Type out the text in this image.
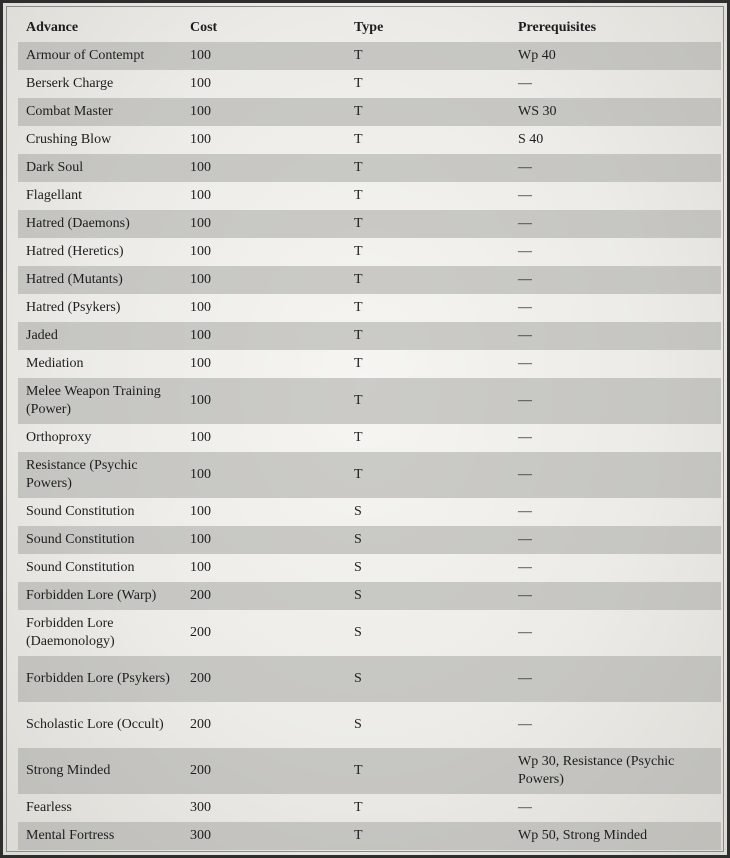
Advance	Cost	Type	Prerequisites
Armour of Contempt	100	T	Wp 40
Berserk Charge	100	T	—
Combat Master	100	T	WS 30
Crushing Blow	100	T	S 40
Dark Soul	100	T	—
Flagellant	100	T	—
Hatred (Daemons)	100	T	—
Hatred (Heretics)	100	T	—
Hatred (Mutants)	100	T	—
Hatred (Psykers)	100	T	—
Jaded	100	T	—
Mediation	100	T	—
Melee Weapon Training (Power)	100	T	—
Orthoproxy	100	T	—
Resistance (Psychic Powers)	100	T	—
Sound Constitution	100	S	—
Sound Constitution	100	S	—
Sound Constitution	100	S	—
Forbidden Lore (Warp)	200	S	—
Forbidden Lore (Daemonology)	200	S	—
Forbidden Lore (Psykers)	200	S	—
Scholastic Lore (Occult)	200	S	—
Strong Minded	200	T	Wp 30, Resistance (Psychic Powers)
Fearless	300	T	—
Mental Fortress	300	T	Wp 50, Strong Minded
